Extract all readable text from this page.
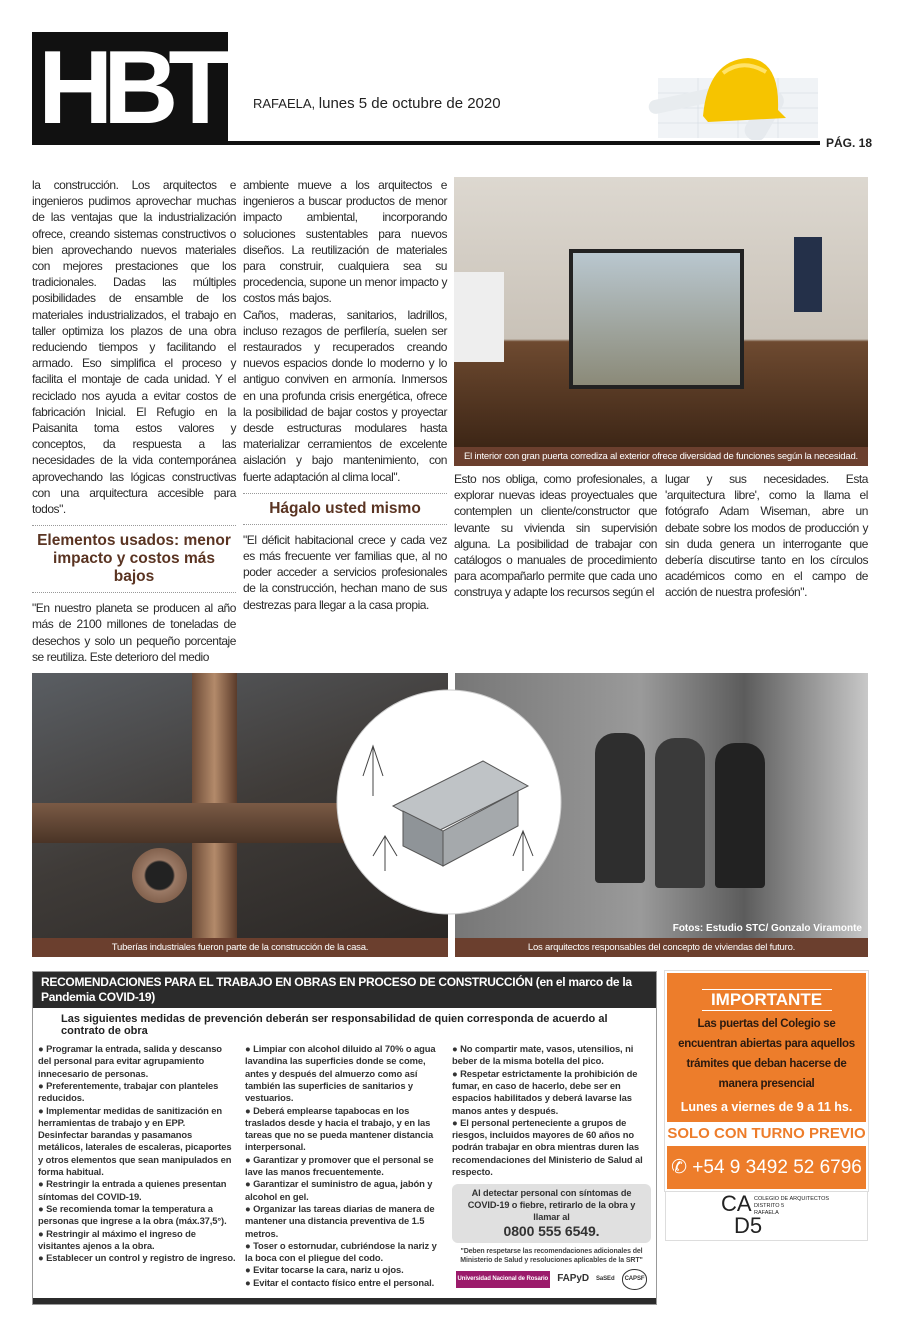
HBT	RAFAELA, lunes 5 de octubre de 2020
PÁG. 18

la construcción. Los arquitectos e ingenieros pudimos aprovechar muchas de las ventajas que la industrialización ofrece, creando sistemas constructivos o bien aprovechando nuevos materiales con mejores prestaciones que los tradicionales. Dadas las múltiples posibilidades de ensamble de los materiales industrializados, el trabajo en taller optimiza los plazos de una obra reduciendo tiempos y facilitando el armado. Eso simplifica el proceso y facilita el montaje de cada unidad. Y el reciclado nos ayuda a evitar costos de fabricación Inicial. El Refugio en la Paisanita toma estos valores y conceptos, da respuesta a las necesidades de la vida contemporánea aprovechando las lógicas constructivas con una arquitectura accesible para todos".

Elementos usados: menor impacto y costos más bajos

"En nuestro planeta se producen al año más de 2100 millones de toneladas de desechos y solo un pequeño porcentaje se reutiliza. Este deterioro del medio

ambiente mueve a los arquitectos e ingenieros a buscar productos de menor impacto ambiental, incorporando soluciones sustentables para nuevos diseños. La reutilización de materiales para construir, cualquiera sea su procedencia, supone un menor impacto y costos más bajos.

Caños, maderas, sanitarios, ladrillos, incluso rezagos de perfilería, suelen ser restaurados y recuperados creando nuevos espacios donde lo moderno y lo antiguo conviven en armonía. Inmersos en una profunda crisis energética, ofrece la posibilidad de bajar costos y proyectar desde estructuras modulares hasta materializar cerramientos de excelente aislación y bajo mantenimiento, con fuerte adaptación al clima local".

Hágalo usted mismo

"El déficit habitacional crece y cada vez es más frecuente ver familias que, al no poder acceder a servicios profesionales de la construcción, hechan mano de sus destrezas para llegar a la casa propia.

El interior con gran puerta corrediza al exterior ofrece diversidad de funciones según la necesidad.

Esto nos obliga, como profesionales, a explorar nuevas ideas proyectuales que contemplen un cliente/constructor que levante su vivienda sin supervisión alguna. La posibilidad de trabajar con catálogos o manuales de procedimiento para acompañarlo permite que cada uno construya y adapte los recursos según el

lugar y sus necesidades. Esta 'arquitectura libre', como la llama el fotógrafo Adam Wiseman, abre un debate sobre los modos de producción y sin duda genera un interrogante que debería discutirse tanto en los círculos académicos como en el campo de acción de nuestra profesión".

Tuberías industriales fueron parte de la construcción de la casa.
Fotos: Estudio STC/ Gonzalo Viramonte
Los arquitectos responsables del concepto de viviendas del futuro.
RECOMENDACIONES PARA EL TRABAJO EN OBRAS EN PROCESO DE CONSTRUCCIÓN (en el marco de la Pandemia COVID-19)
Las siguientes medidas de prevención deberán ser responsabilidad de quien corresponda de acuerdo al contrato de obra
● Programar la entrada, salida y descanso del personal para evitar agrupamiento innecesario de personas.
● Preferentemente, trabajar con planteles reducidos.
● Implementar medidas de sanitización en herramientas de trabajo y en EPP. Desinfectar barandas y pasamanos metálicos, laterales de escaleras, picaportes y otros elementos que sean manipulados en forma habitual.
● Restringir la entrada a quienes presentan síntomas del COVID-19.
● Se recomienda tomar la temperatura a personas que ingrese a la obra (máx.37,5°).
● Restringir al máximo el ingreso de visitantes ajenos a la obra.
● Establecer un control y registro de ingreso.
● Limpiar con alcohol diluido al 70% o agua lavandina las superficies donde se come, antes y después del almuerzo como así también las superficies de sanitarios y vestuarios.
● Deberá emplearse tapabocas en los traslados desde y hacia el trabajo, y en las tareas que no se pueda mantener distancia interpersonal.
● Garantizar y promover que el personal se lave las manos frecuentemente.
● Garantizar el suministro de agua, jabón y alcohol en gel.
● Organizar las tareas diarias de manera de mantener una distancia preventiva de 1.5 metros.
● Toser o estornudar, cubriéndose la nariz y la boca con el pliegue del codo.
● Evitar tocarse la cara, nariz u ojos.
● Evitar el contacto físico entre el personal.
● No compartir mate, vasos, utensilios, ni beber de la misma botella del pico.
● Respetar estrictamente la prohibición de fumar, en caso de hacerlo, debe ser en espacios habilitados y deberá lavarse las manos antes y después.
● El personal perteneciente a grupos de riesgos, incluidos mayores de 60 años no podrán trabajar en obra mientras duren las recomendaciones del Ministerio de Salud al respecto.
Al detectar personal con síntomas de COVID-19 o fiebre, retirarlo de la obra y llamar al
0800 555 6549.
"Deben respetarse las recomendaciones adicionales del Ministerio de Salud y resoluciones aplicables de la SRT"
Universidad Nacional de Rosario FAPyD SaSEd	CAPSF
IMPORTANTE
Las puertas del Colegio se encuentran abiertas para aquellos trámites que deban hacerse de manera presencial
Lunes a viernes de 9 a 11 hs.
SOLO CON TURNO PREVIO
✆ +54 9 3492 52 6796
CA
D5
COLEGIO DE ARQUITECTOS
DISTRITO 5
RAFAELA
